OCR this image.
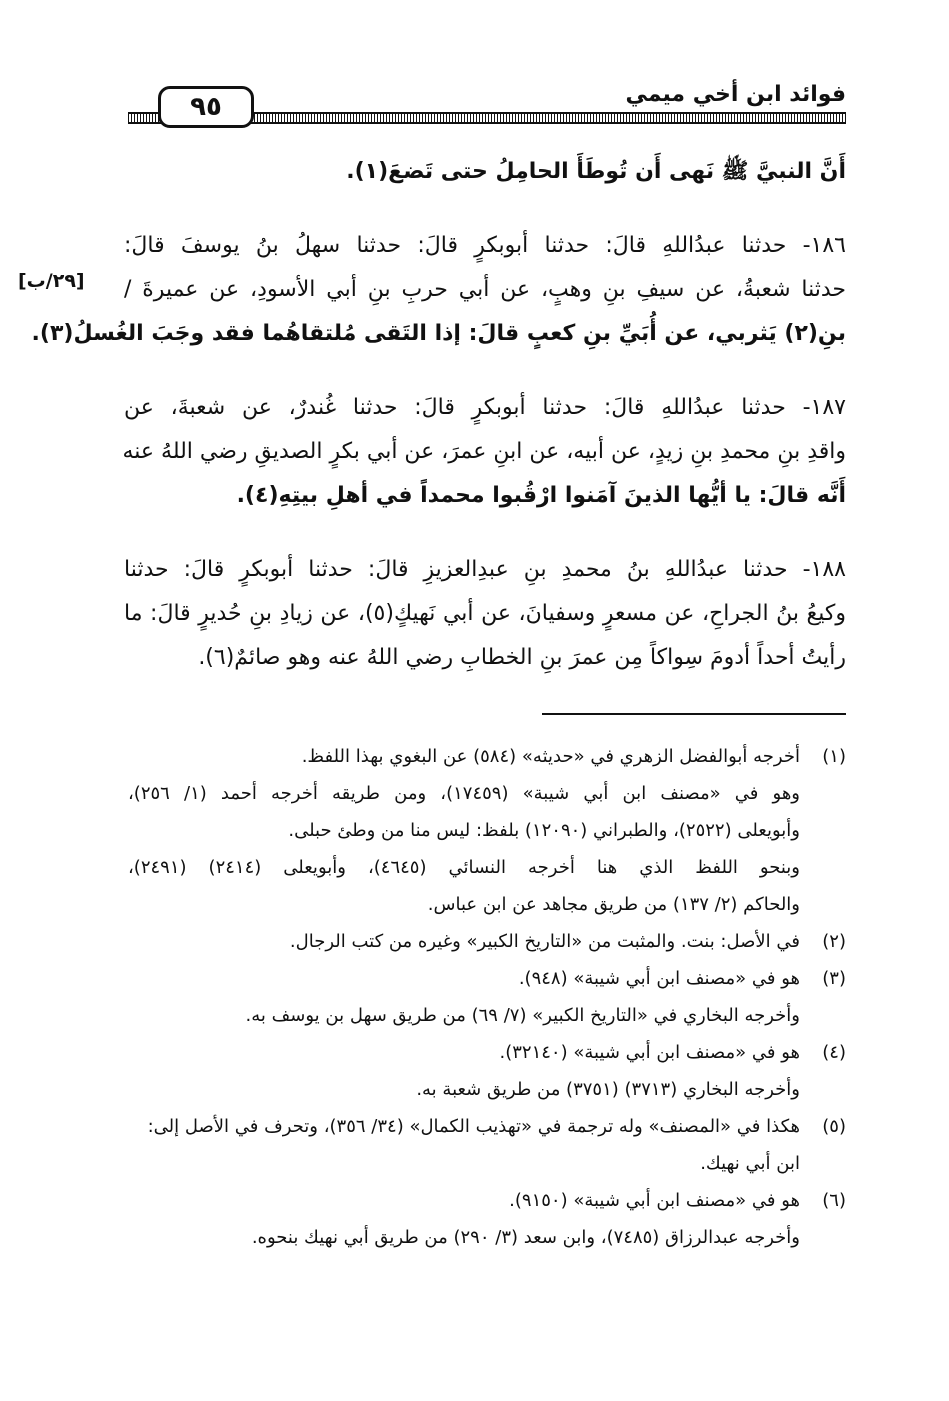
٩٥	فوائد ابن أخي ميمي
[٢٩/ب]
أَنَّ النبيَّ ﷺ نَهى أَن تُوطَأَ الحامِلُ حتى تَضعَ(١).
١٨٦- حدثنا عبدُاللهِ قالَ: حدثنا أبوبكرٍ قالَ: حدثنا سهلُ بنُ يوسفَ قالَ:
حدثنا شعبةُ، عن سيفِ بنِ وهبٍ، عن أبي حربِ بنِ أبي الأسودِ، عن عميرةَ /
بنِ(٢) يَثربي، عن أُبَيِّ بنِ كعبٍ قالَ: إذا التَقى مُلتقاهُما فقد وجَبَ الغُسلُ(٣).
١٨٧- حدثنا عبدُاللهِ قالَ: حدثنا أبوبكرٍ قالَ: حدثنا غُندرٌ، عن شعبةَ، عن
واقدِ بنِ محمدِ بنِ زيدٍ، عن أبيه، عن ابنِ عمرَ، عن أبي بكرٍ الصديقِ رضي اللهُ عنه
أَنَّه قالَ: يا أيُّها الذينَ آمَنوا ارْقُبوا محمداً في أهلِ بيتِهِ(٤).
١٨٨- حدثنا عبدُاللهِ بنُ محمدِ بنِ عبدِالعزيزِ قالَ: حدثنا أبوبكرٍ قالَ: حدثنا
وكيعُ بنُ الجراحِ، عن مسعرٍ وسفيانَ، عن أبي نَهيكٍ(٥)، عن زيادِ بنِ حُديرٍ قالَ: ما
رأيتُ أحداً أدومَ سِواكاً مِن عمرَ بنِ الخطابِ رضي اللهُ عنه وهو صائمٌ(٦).
(١)أخرجه أبوالفضل الزهري في «حديثه» (٥٨٤) عن البغوي بهذا اللفظ.
وهو في «مصنف ابن أبي شيبة» (١٧٤٥٩)، ومن طريقه أخرجه أحمد (١/ ٢٥٦)،
وأبويعلى (٢٥٢٢)، والطبراني (١٢٠٩٠) بلفظ: ليس منا من وطئ حبلى.
وبنحو اللفظ الذي هنا أخرجه النسائي (٤٦٤٥)، وأبويعلى (٢٤١٤) (٢٤٩١)،
والحاكم (٢/ ١٣٧) من طريق مجاهد عن ابن عباس.
(٢)في الأصل: بنت. والمثبت من «التاريخ الكبير» وغيره من كتب الرجال.
(٣)هو في «مصنف ابن أبي شيبة» (٩٤٨).
وأخرجه البخاري في «التاريخ الكبير» (٧/ ٦٩) من طريق سهل بن يوسف به.
(٤)هو في «مصنف ابن أبي شيبة» (٣٢١٤٠).
وأخرجه البخاري (٣٧١٣) (٣٧٥١) من طريق شعبة به.
(٥)هكذا في «المصنف» وله ترجمة في «تهذيب الكمال» (٣٤/ ٣٥٦)، وتحرف في الأصل إلى:
ابن أبي نهيك.
(٦)هو في «مصنف ابن أبي شيبة» (٩١٥٠).
وأخرجه عبدالرزاق (٧٤٨٥)، وابن سعد (٣/ ٢٩٠) من طريق أبي نهيك بنحوه.
